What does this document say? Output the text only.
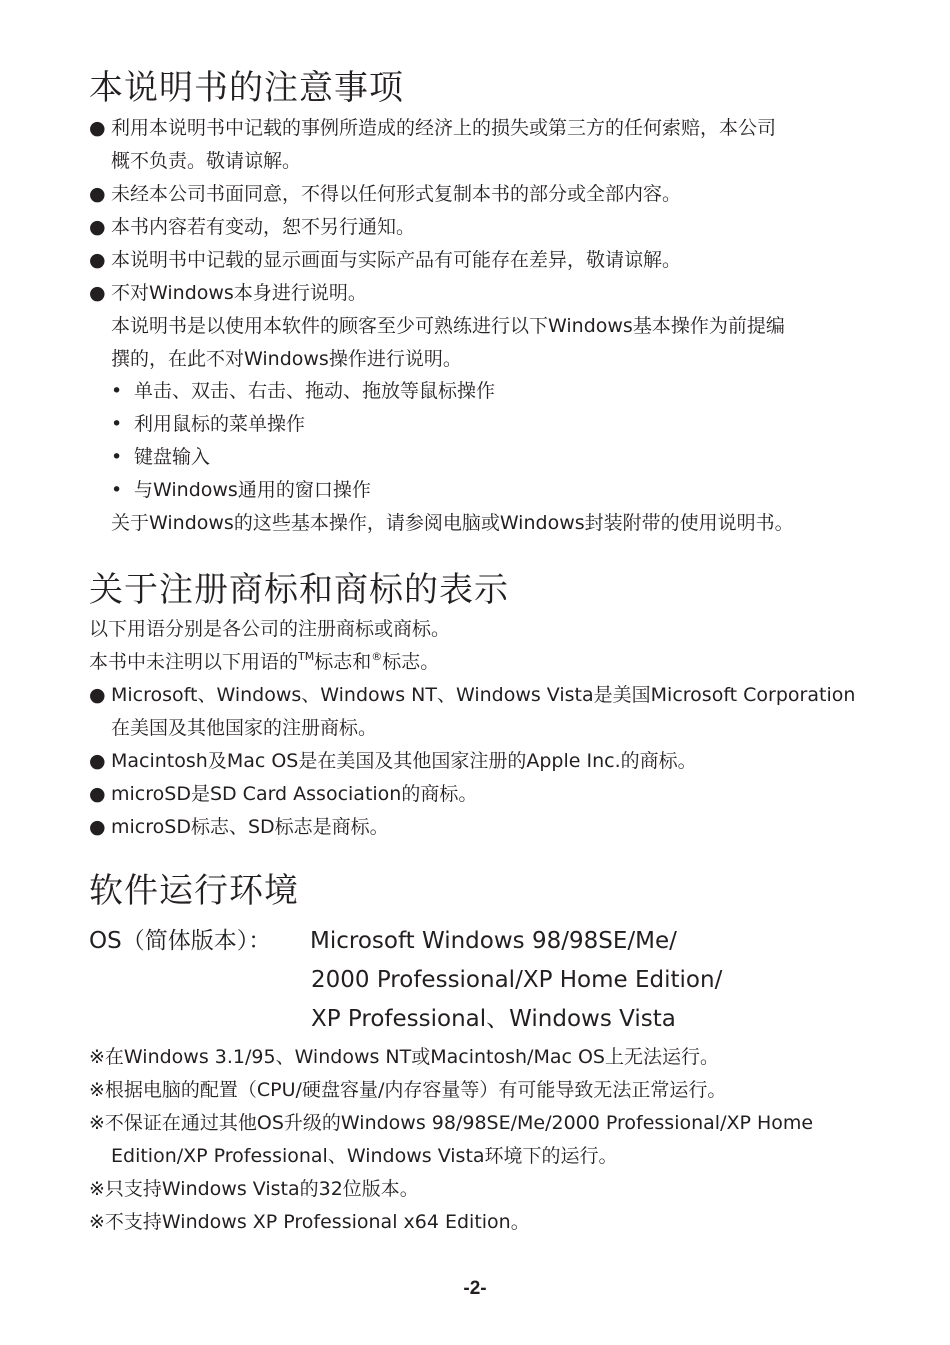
本说明书的注意事项
● 利用本说明书中记载的事例所造成的经济上的损失或第三方的任何索赔，本公司
概不负责。敬请谅解。
● 未经本公司书面同意，不得以任何形式复制本书的部分或全部内容。
● 本书内容若有变动，恕不另行通知。
● 本说明书中记载的显示画面与实际产品有可能存在差异，敬请谅解。
● 不对Windows本身进行说明。
本说明书是以使用本软件的顾客至少可熟练进行以下Windows基本操作为前提编
撰的，在此不对Windows操作进行说明。
• 单击、双击、右击、拖动、拖放等鼠标操作
• 利用鼠标的菜单操作
• 键盘输入
• 与Windows通用的窗口操作
关于Windows的这些基本操作，请参阅电脑或Windows封装附带的使用说明书。
关于注册商标和商标的表示
以下用语分别是各公司的注册商标或商标。
本书中未注明以下用语的™标志和®标志。
● Microsoft、Windows、Windows NT、Windows Vista是美国Microsoft Corporation
在美国及其他国家的注册商标。
● Macintosh及Mac OS是在美国及其他国家注册的Apple Inc.的商标。
● microSD是SD Card Association的商标。
● microSD标志、SD标志是商标。
软件运行环境
OS（简体版本）： Microsoft Windows 98/98SE/Me/
2000 Professional/XP Home Edition/
XP Professional、Windows Vista
※在Windows 3.1/95、Windows NT或Macintosh/Mac OS上无法运行。
※根据电脑的配置（CPU/硬盘容量/内存容量等）有可能导致无法正常运行。
※不保证在通过其他OS升级的Windows 98/98SE/Me/2000 Professional/XP Home
Edition/XP Professional、Windows Vista环境下的运行。
※只支持Windows Vista的32位版本。
※不支持Windows XP Professional x64 Edition。
-2-
